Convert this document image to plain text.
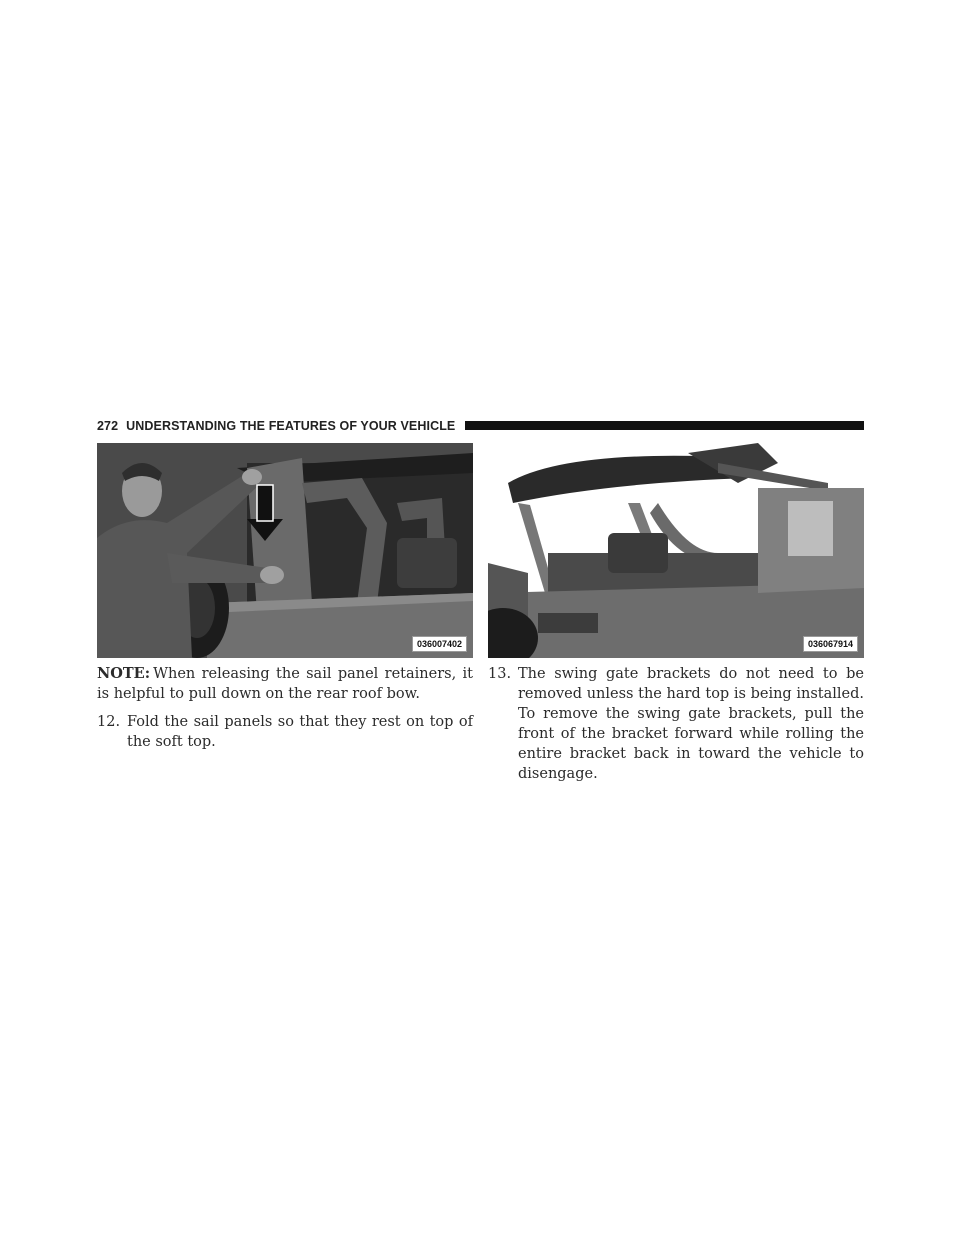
272 UNDERSTANDING THE FEATURES OF YOUR VEHICLE
036007402	036067914

NOTE: When releasing the sail panel retainers, it is helpful to pull down on the rear roof bow.

12. Fold the sail panels so that they rest on top of the soft top.
13. The swing gate brackets do not need to be removed unless the hard top is being installed. To remove the swing gate brackets, pull the front of the bracket forward while rolling the entire bracket back in toward the vehicle to disengage.
